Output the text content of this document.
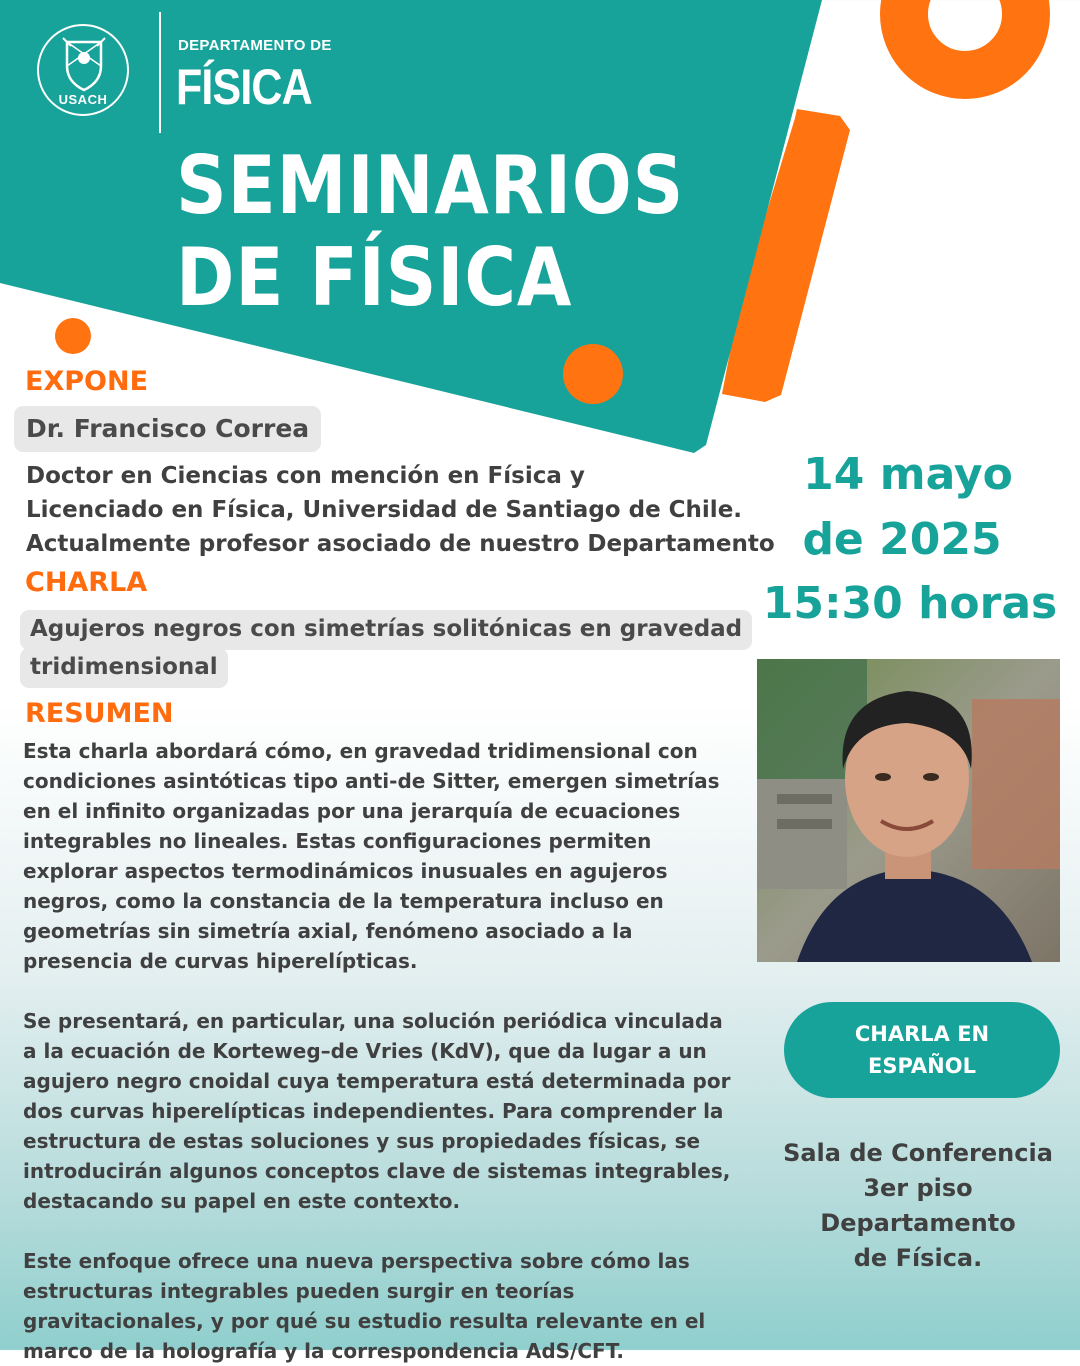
USACH
DEPARTAMENTO DE
FÍSICA
SEMINARIOS
DE FÍSICA
EXPONE
Dr. Francisco Correa
Doctor en Ciencias con mención en Física y
Licenciado en Física, Universidad de Santiago de Chile.
Actualmente profesor asociado de nuestro Departamento
CHARLA
Agujeros negros con simetrías solitónicas en gravedad
tridimensional
RESUMEN

Esta charla abordará cómo, en gravedad tridimensional con condiciones asintóticas tipo anti-de Sitter, emergen simetrías en el infinito organizadas por una jerarquía de ecuaciones integrables no lineales. Estas configuraciones permiten explorar aspectos termodinámicos inusuales en agujeros negros, como la constancia de la temperatura incluso en geometrías sin simetría axial, fenómeno asociado a la presencia de curvas hiperelípticas.

Se presentará, en particular, una solución periódica vinculada a la ecuación de Korteweg–de Vries (KdV), que da lugar a un agujero negro cnoidal cuya temperatura está determinada por dos curvas hiperelípticas independientes. Para comprender la estructura de estas soluciones y sus propiedades físicas, se introducirán algunos conceptos clave de sistemas integrables, destacando su papel en este contexto.

Este enfoque ofrece una nueva perspectiva sobre cómo las estructuras integrables pueden surgir en teorías gravitacionales, y por qué su estudio resulta relevante en el marco de la holografía y la correspondencia AdS/CFT.

14 mayo
de 2025
15:30 horas
CHARLA EN
ESPAÑOL
Sala de Conferencia
3er piso
Departamento
de Física.
